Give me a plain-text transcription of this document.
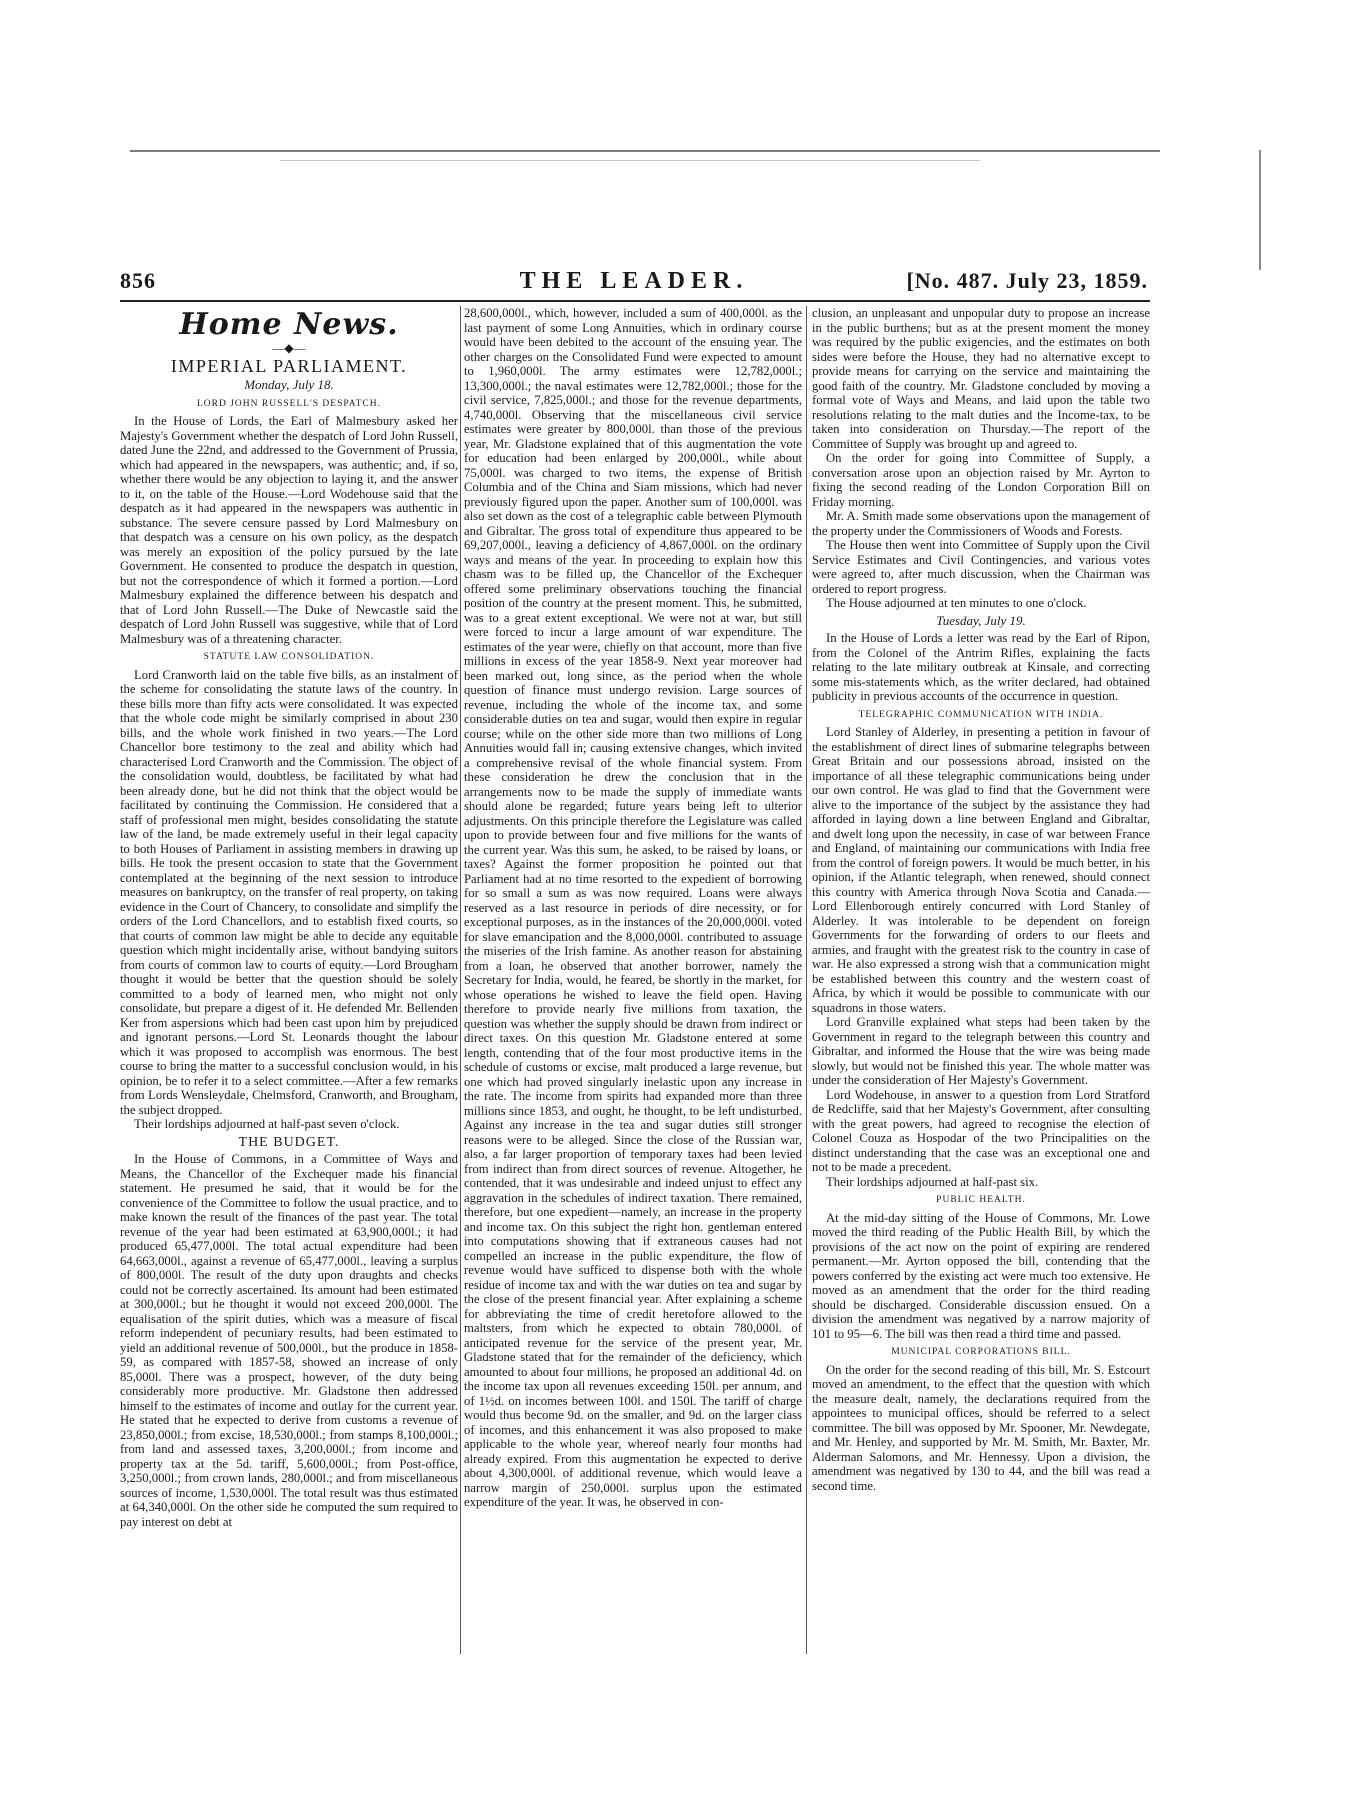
856	THE LEADER.	[No. 487. July 23, 1859.
Home News.
—◆—
IMPERIAL PARLIAMENT.
Monday, July 18.
LORD JOHN RUSSELL'S DESPATCH.

In the House of Lords, the Earl of Malmesbury asked her Majesty's Government whether the despatch of Lord John Russell, dated June the 22nd, and addressed to the Government of Prussia, which had appeared in the newspapers, was authentic; and, if so, whether there would be any objection to laying it, and the answer to it, on the table of the House.—Lord Wodehouse said that the despatch as it had appeared in the newspapers was authentic in substance. The severe censure passed by Lord Malmesbury on that despatch was a censure on his own policy, as the despatch was merely an exposition of the policy pursued by the late Government. He consented to produce the despatch in question, but not the correspondence of which it formed a portion.—Lord Malmesbury explained the difference between his despatch and that of Lord John Russell.—The Duke of Newcastle said the despatch of Lord John Russell was suggestive, while that of Lord Malmesbury was of a threatening character.

STATUTE LAW CONSOLIDATION.

Lord Cranworth laid on the table five bills, as an instalment of the scheme for consolidating the statute laws of the country. In these bills more than fifty acts were consolidated. It was expected that the whole code might be similarly comprised in about 230 bills, and the whole work finished in two years.—The Lord Chancellor bore testimony to the zeal and ability which had characterised Lord Cranworth and the Commission. The object of the consolidation would, doubtless, be facilitated by what had been already done, but he did not think that the object would be facilitated by continuing the Commission. He considered that a staff of professional men might, besides consolidating the statute law of the land, be made extremely useful in their legal capacity to both Houses of Parliament in assisting members in drawing up bills. He took the present occasion to state that the Government contemplated at the beginning of the next session to introduce measures on bankruptcy, on the transfer of real property, on taking evidence in the Court of Chancery, to consolidate and simplify the orders of the Lord Chancellors, and to establish fixed courts, so that courts of common law might be able to decide any equitable question which might incidentally arise, without bandying suitors from courts of common law to courts of equity.—Lord Brougham thought it would be better that the question should be solely committed to a body of learned men, who might not only consolidate, but prepare a digest of it. He defended Mr. Bellenden Ker from aspersions which had been cast upon him by prejudiced and ignorant persons.—Lord St. Leonards thought the labour which it was proposed to accomplish was enormous. The best course to bring the matter to a successful conclusion would, in his opinion, be to refer it to a select committee.—After a few remarks from Lords Wensleydale, Chelmsford, Cranworth, and Brougham, the subject dropped.

Their lordships adjourned at half-past seven o'clock.

THE BUDGET.

In the House of Commons, in a Committee of Ways and Means, the Chancellor of the Exchequer made his financial statement. He presumed he said, that it would be for the convenience of the Committee to follow the usual practice, and to make known the result of the finances of the past year. The total revenue of the year had been estimated at 63,900,000l.; it had produced 65,477,000l. The total actual expenditure had been 64,663,000l., against a revenue of 65,477,000l., leaving a surplus of 800,000l. The result of the duty upon draughts and checks could not be correctly ascertained. Its amount had been estimated at 300,000l.; but he thought it would not exceed 200,000l. The equalisation of the spirit duties, which was a measure of fiscal reform independent of pecuniary results, had been estimated to yield an additional revenue of 500,000l., but the produce in 1858-59, as compared with 1857-58, showed an increase of only 85,000l. There was a prospect, however, of the duty being considerably more productive. Mr. Gladstone then addressed himself to the estimates of income and outlay for the current year. He stated that he expected to derive from customs a revenue of 23,850,000l.; from excise, 18,530,000l.; from stamps 8,100,000l.; from land and assessed taxes, 3,200,000l.; from income and property tax at the 5d. tariff, 5,600,000l.; from Post-office, 3,250,000l.; from crown lands, 280,000l.; and from miscellaneous sources of income, 1,530,000l. The total result was thus estimated at 64,340,000l. On the other side he computed the sum required to pay interest on debt at

28,600,000l., which, however, included a sum of 400,000l. as the last payment of some Long Annuities, which in ordinary course would have been debited to the account of the ensuing year. The other charges on the Consolidated Fund were expected to amount to 1,960,000l. The army estimates were 12,782,000l.; 13,300,000l.; the naval estimates were 12,782,000l.; those for the civil service, 7,825,000l.; and those for the revenue departments, 4,740,000l. Observing that the miscellaneous civil service estimates were greater by 800,000l. than those of the previous year, Mr. Gladstone explained that of this augmentation the vote for education had been enlarged by 200,000l., while about 75,000l. was charged to two items, the expense of British Columbia and of the China and Siam missions, which had never previously figured upon the paper. Another sum of 100,000l. was also set down as the cost of a telegraphic cable between Plymouth and Gibraltar. The gross total of expenditure thus appeared to be 69,207,000l., leaving a deficiency of 4,867,000l. on the ordinary ways and means of the year. In proceeding to explain how this chasm was to be filled up, the Chancellor of the Exchequer offered some preliminary observations touching the financial position of the country at the present moment. This, he submitted, was to a great extent exceptional. We were not at war, but still were forced to incur a large amount of war expenditure. The estimates of the year were, chiefly on that account, more than five millions in excess of the year 1858-9. Next year moreover had been marked out, long since, as the period when the whole question of finance must undergo revision. Large sources of revenue, including the whole of the income tax, and some considerable duties on tea and sugar, would then expire in regular course; while on the other side more than two millions of Long Annuities would fall in; causing extensive changes, which invited a comprehensive revisal of the whole financial system. From these consideration he drew the conclusion that in the arrangements now to be made the supply of immediate wants should alone be regarded; future years being left to ulterior adjustments. On this principle therefore the Legislature was called upon to provide between four and five millions for the wants of the current year. Was this sum, he asked, to be raised by loans, or taxes? Against the former proposition he pointed out that Parliament had at no time resorted to the expedient of borrowing for so small a sum as was now required. Loans were always reserved as a last resource in periods of dire necessity, or for exceptional purposes, as in the instances of the 20,000,000l. voted for slave emancipation and the 8,000,000l. contributed to assuage the miseries of the Irish famine. As another reason for abstaining from a loan, he observed that another borrower, namely the Secretary for India, would, he feared, be shortly in the market, for whose operations he wished to leave the field open. Having therefore to provide nearly five millions from taxation, the question was whether the supply should be drawn from indirect or direct taxes. On this question Mr. Gladstone entered at some length, contending that of the four most productive items in the schedule of customs or excise, malt produced a large revenue, but one which had proved singularly inelastic upon any increase in the rate. The income from spirits had expanded more than three millions since 1853, and ought, he thought, to be left undisturbed. Against any increase in the tea and sugar duties still stronger reasons were to be alleged. Since the close of the Russian war, also, a far larger proportion of temporary taxes had been levied from indirect than from direct sources of revenue. Altogether, he contended, that it was undesirable and indeed unjust to effect any aggravation in the schedules of indirect taxation. There remained, therefore, but one expedient—namely, an increase in the property and income tax. On this subject the right hon. gentleman entered into computations showing that if extraneous causes had not compelled an increase in the public expenditure, the flow of revenue would have sufficed to dispense both with the whole residue of income tax and with the war duties on tea and sugar by the close of the present financial year. After explaining a scheme for abbreviating the time of credit heretofore allowed to the maltsters, from which he expected to obtain 780,000l. of anticipated revenue for the service of the present year, Mr. Gladstone stated that for the remainder of the deficiency, which amounted to about four millions, he proposed an additional 4d. on the income tax upon all revenues exceeding 150l. per annum, and of 1½d. on incomes between 100l. and 150l. The tariff of charge would thus become 9d. on the smaller, and 9d. on the larger class of incomes, and this enhancement it was also proposed to make applicable to the whole year, whereof nearly four months had already expired. From this augmentation he expected to derive about 4,300,000l. of additional revenue, which would leave a narrow margin of 250,000l. surplus upon the estimated expenditure of the year. It was, he observed in con-

clusion, an unpleasant and unpopular duty to propose an increase in the public burthens; but as at the present moment the money was required by the public exigencies, and the estimates on both sides were before the House, they had no alternative except to provide means for carrying on the service and maintaining the good faith of the country. Mr. Gladstone concluded by moving a formal vote of Ways and Means, and laid upon the table two resolutions relating to the malt duties and the Income-tax, to be taken into consideration on Thursday.—The report of the Committee of Supply was brought up and agreed to.

On the order for going into Committee of Supply, a conversation arose upon an objection raised by Mr. Ayrton to fixing the second reading of the London Corporation Bill on Friday morning.

Mr. A. Smith made some observations upon the management of the property under the Commissioners of Woods and Forests.

The House then went into Committee of Supply upon the Civil Service Estimates and Civil Contingencies, and various votes were agreed to, after much discussion, when the Chairman was ordered to report progress.

The House adjourned at ten minutes to one o'clock.

Tuesday, July 19.

In the House of Lords a letter was read by the Earl of Ripon, from the Colonel of the Antrim Rifles, explaining the facts relating to the late military outbreak at Kinsale, and correcting some mis-statements which, as the writer declared, had obtained publicity in previous accounts of the occurrence in question.

TELEGRAPHIC COMMUNICATION WITH INDIA.

Lord Stanley of Alderley, in presenting a petition in favour of the establishment of direct lines of submarine telegraphs between Great Britain and our possessions abroad, insisted on the importance of all these telegraphic communications being under our own control. He was glad to find that the Government were alive to the importance of the subject by the assistance they had afforded in laying down a line between England and Gibraltar, and dwelt long upon the necessity, in case of war between France and England, of maintaining our communications with India free from the control of foreign powers. It would be much better, in his opinion, if the Atlantic telegraph, when renewed, should connect this country with America through Nova Scotia and Canada.—Lord Ellenborough entirely concurred with Lord Stanley of Alderley. It was intolerable to be dependent on foreign Governments for the forwarding of orders to our fleets and armies, and fraught with the greatest risk to the country in case of war. He also expressed a strong wish that a communication might be established between this country and the western coast of Africa, by which it would be possible to communicate with our squadrons in those waters.

Lord Granville explained what steps had been taken by the Government in regard to the telegraph between this country and Gibraltar, and informed the House that the wire was being made slowly, but would not be finished this year. The whole matter was under the consideration of Her Majesty's Government.

Lord Wodehouse, in answer to a question from Lord Stratford de Redcliffe, said that her Majesty's Government, after consulting with the great powers, had agreed to recognise the election of Colonel Couza as Hospodar of the two Principalities on the distinct understanding that the case was an exceptional one and not to be made a precedent.

Their lordships adjourned at half-past six.

PUBLIC HEALTH.

At the mid-day sitting of the House of Commons, Mr. Lowe moved the third reading of the Public Health Bill, by which the provisions of the act now on the point of expiring are rendered permanent.—Mr. Ayrton opposed the bill, contending that the powers conferred by the existing act were much too extensive. He moved as an amendment that the order for the third reading should be discharged. Considerable discussion ensued. On a division the amendment was negatived by a narrow majority of 101 to 95—6. The bill was then read a third time and passed.

MUNICIPAL CORPORATIONS BILL.

On the order for the second reading of this bill, Mr. S. Estcourt moved an amendment, to the effect that the question with which the measure dealt, namely, the declarations required from the appointees to municipal offices, should be referred to a select committee. The bill was opposed by Mr. Spooner, Mr. Newdegate, and Mr. Henley, and supported by Mr. M. Smith, Mr. Baxter, Mr. Alderman Salomons, and Mr. Hennessy. Upon a division, the amendment was negatived by 130 to 44, and the bill was read a second time.
